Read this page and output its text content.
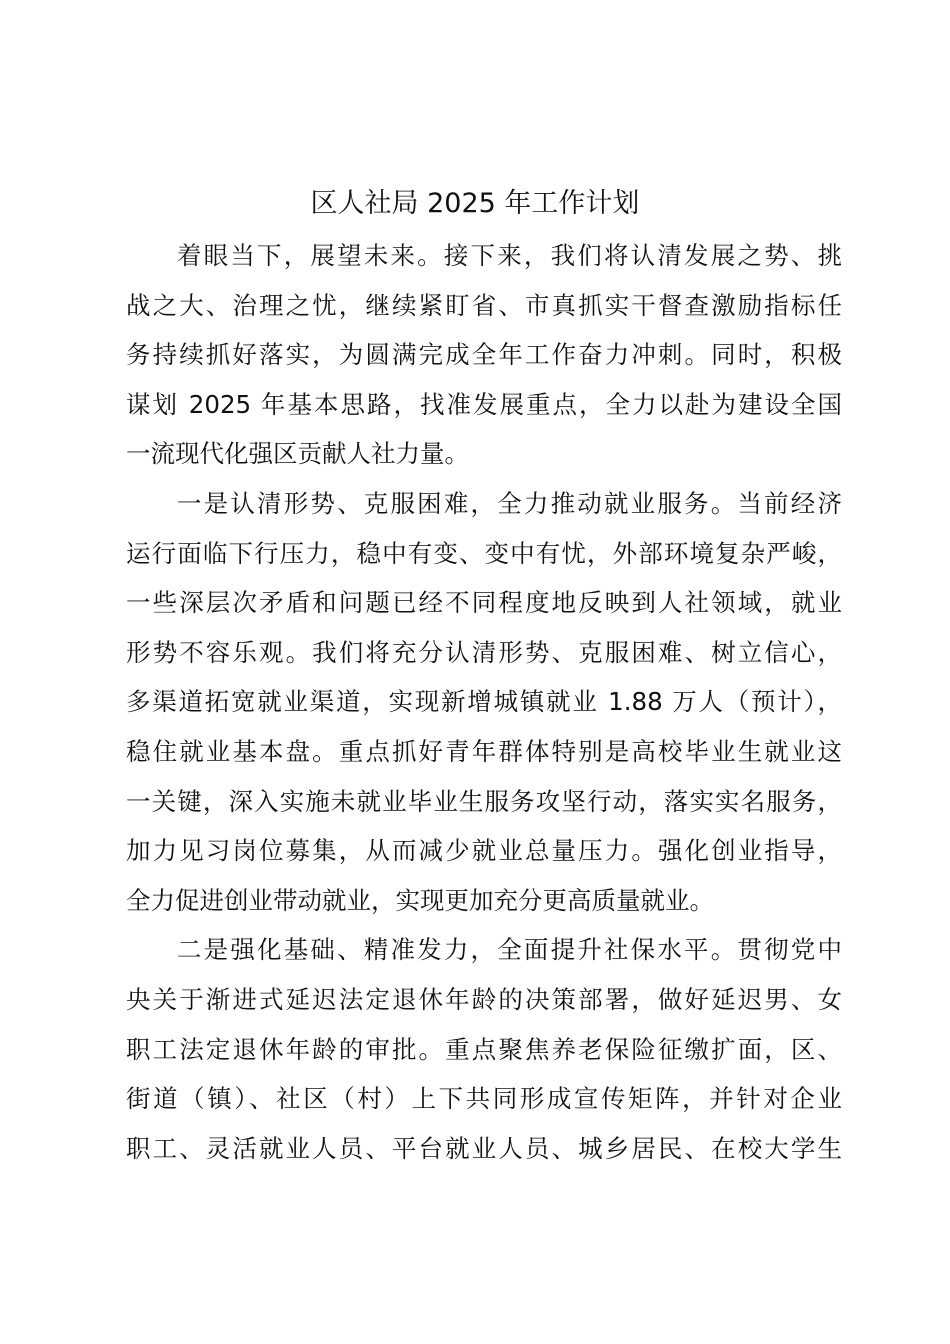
区人社局 2025 年工作计划
着眼当下，展望未来。接下来，我们将认清发展之势、挑
战之大、治理之忧，继续紧盯省、市真抓实干督查激励指标任
务持续抓好落实，为圆满完成全年工作奋力冲刺。同时，积极
谋划 2025 年基本思路，找准发展重点，全力以赴为建设全国
一流现代化强区贡献人社力量。
一是认清形势、克服困难，全力推动就业服务。当前经济
运行面临下行压力，稳中有变、变中有忧，外部环境复杂严峻，
一些深层次矛盾和问题已经不同程度地反映到人社领域，就业
形势不容乐观。我们将充分认清形势、克服困难、树立信心，
多渠道拓宽就业渠道，实现新增城镇就业 1.88 万人（预计），
稳住就业基本盘。重点抓好青年群体特别是高校毕业生就业这
一关键，深入实施未就业毕业生服务攻坚行动，落实实名服务，
加力见习岗位募集，从而减少就业总量压力。强化创业指导，
全力促进创业带动就业，实现更加充分更高质量就业。
二是强化基础、精准发力，全面提升社保水平。贯彻党中
央关于渐进式延迟法定退休年龄的决策部署，做好延迟男、女
职工法定退休年龄的审批。重点聚焦养老保险征缴扩面，区、
街道（镇）、社区（村）上下共同形成宣传矩阵，并针对企业
职工、灵活就业人员、平台就业人员、城乡居民、在校大学生
